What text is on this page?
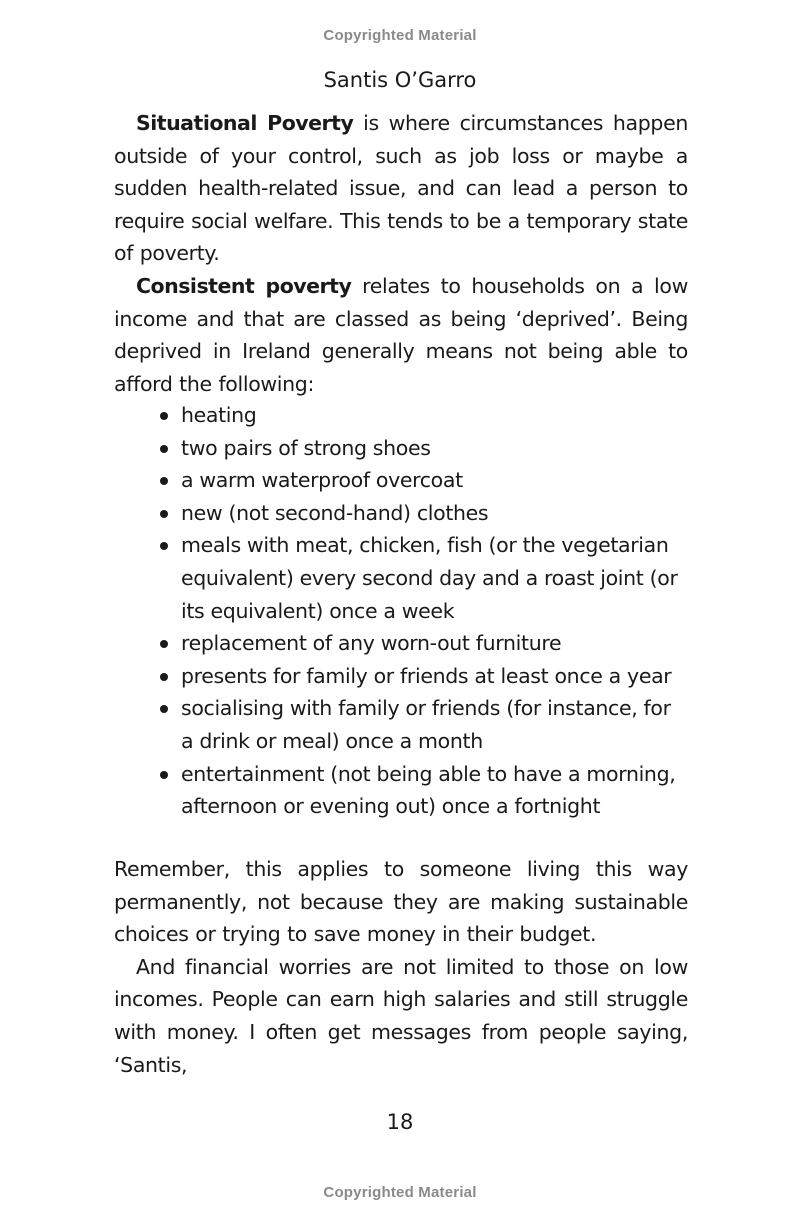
Copyrighted Material
Santis O’Garro

Situational Poverty is where circumstances happen outside of your control, such as job loss or maybe a sudden health-related issue, and can lead a person to require social welfare. This tends to be a temporary state of poverty.

Consistent poverty relates to households on a low income and that are classed as being ‘deprived’. Being deprived in Ireland generally means not being able to afford the following:

heating
two pairs of strong shoes
a warm waterproof overcoat
new (not second-hand) clothes
meals with meat, chicken, fish (or the vegetarian equivalent) every second day and a roast joint (or its equivalent) once a week
replacement of any worn-out furniture
presents for family or friends at least once a year
socialising with family or friends (for instance, for a drink or meal) once a month
entertainment (not being able to have a morning, afternoon or evening out) once a fortnight

Remember, this applies to someone living this way permanently, not because they are making sustainable choices or trying to save money in their budget.

And financial worries are not limited to those on low incomes. People can earn high salaries and still struggle with money. I often get messages from people saying, ‘Santis,

18
Copyrighted Material
